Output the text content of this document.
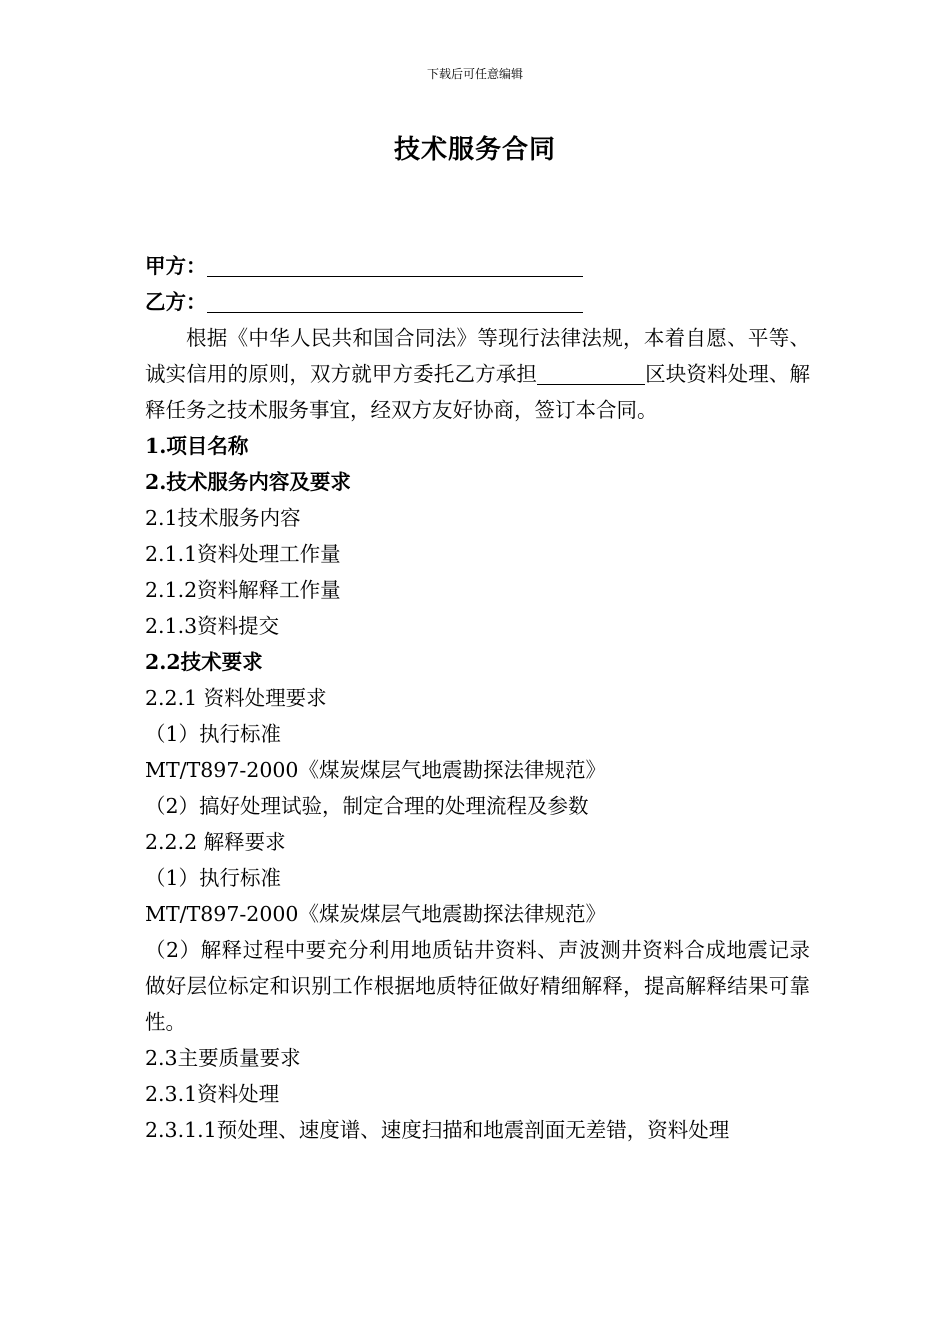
下载后可任意编辑
技术服务合同
甲方：
乙方：
根据《中华人民共和国合同法》等现行法律法规，本着自愿、平等、诚实信用的原则，双方就甲方委托乙方承担	区块资料处理、解释任务之技术服务事宜，经双方友好协商，签订本合同。
1.项目名称
2.技术服务内容及要求
2.1技术服务内容
2.1.1资料处理工作量
2.1.2资料解释工作量
2.1.3资料提交
2.2技术要求
2.2.1 资料处理要求
（1）执行标准
MT/T897-2000《煤炭煤层气地震勘探法律规范》
（2）搞好处理试验，制定合理的处理流程及参数
2.2.2 解释要求
（1）执行标准
MT/T897-2000《煤炭煤层气地震勘探法律规范》
（2）解释过程中要充分利用地质钻井资料、声波测井资料合成地震记录做好层位标定和识别工作根据地质特征做好精细解释，提高解释结果可靠性。
2.3主要质量要求
2.3.1资料处理
2.3.1.1预处理、速度谱、速度扫描和地震剖面无差错，资料处理
